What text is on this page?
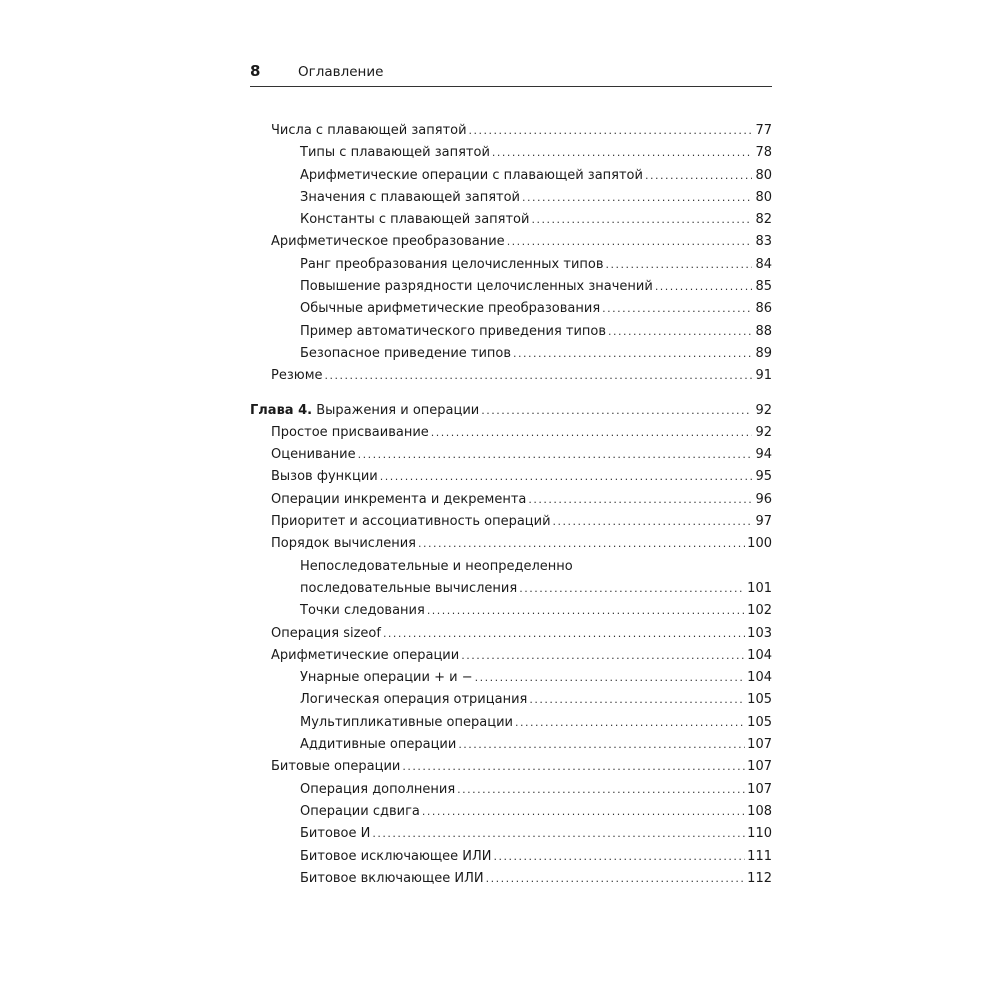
8	Оглавление
Числа с плавающей запятой .....	77
Типы с плавающей запятой .....	78
Арифметические операции с плавающей запятой .....	80
Значения с плавающей запятой .....	80
Константы с плавающей запятой .....	82
Арифметическое преобразование .....	83
Ранг преобразования целочисленных типов .....	84
Повышение разрядности целочисленных значений .....	85
Обычные арифметические преобразования .....	86
Пример автоматического приведения типов .....	88
Безопасное приведение типов .....	89
Резюме .....	91
Глава 4. Выражения и операции .....	92
Простое присваивание .....	92
Оценивание .....	94
Вызов функции .....	95
Операции инкремента и декремента .....	96
Приоритет и ассоциативность операций .....	97
Порядок вычисления .....	100
Непоследовательные и неопределенно
последовательные вычисления .....	101
Точки следования .....	102
Операция sizeof .....	103
Арифметические операции .....	104
Унарные операции + и − .....	104
Логическая операция отрицания .....	105
Мультипликативные операции .....	105
Аддитивные операции .....	107
Битовые операции .....	107
Операция дополнения .....	107
Операции сдвига .....	108
Битовое И .....	110
Битовое исключающее ИЛИ .....	111
Битовое включающее ИЛИ .....	112
